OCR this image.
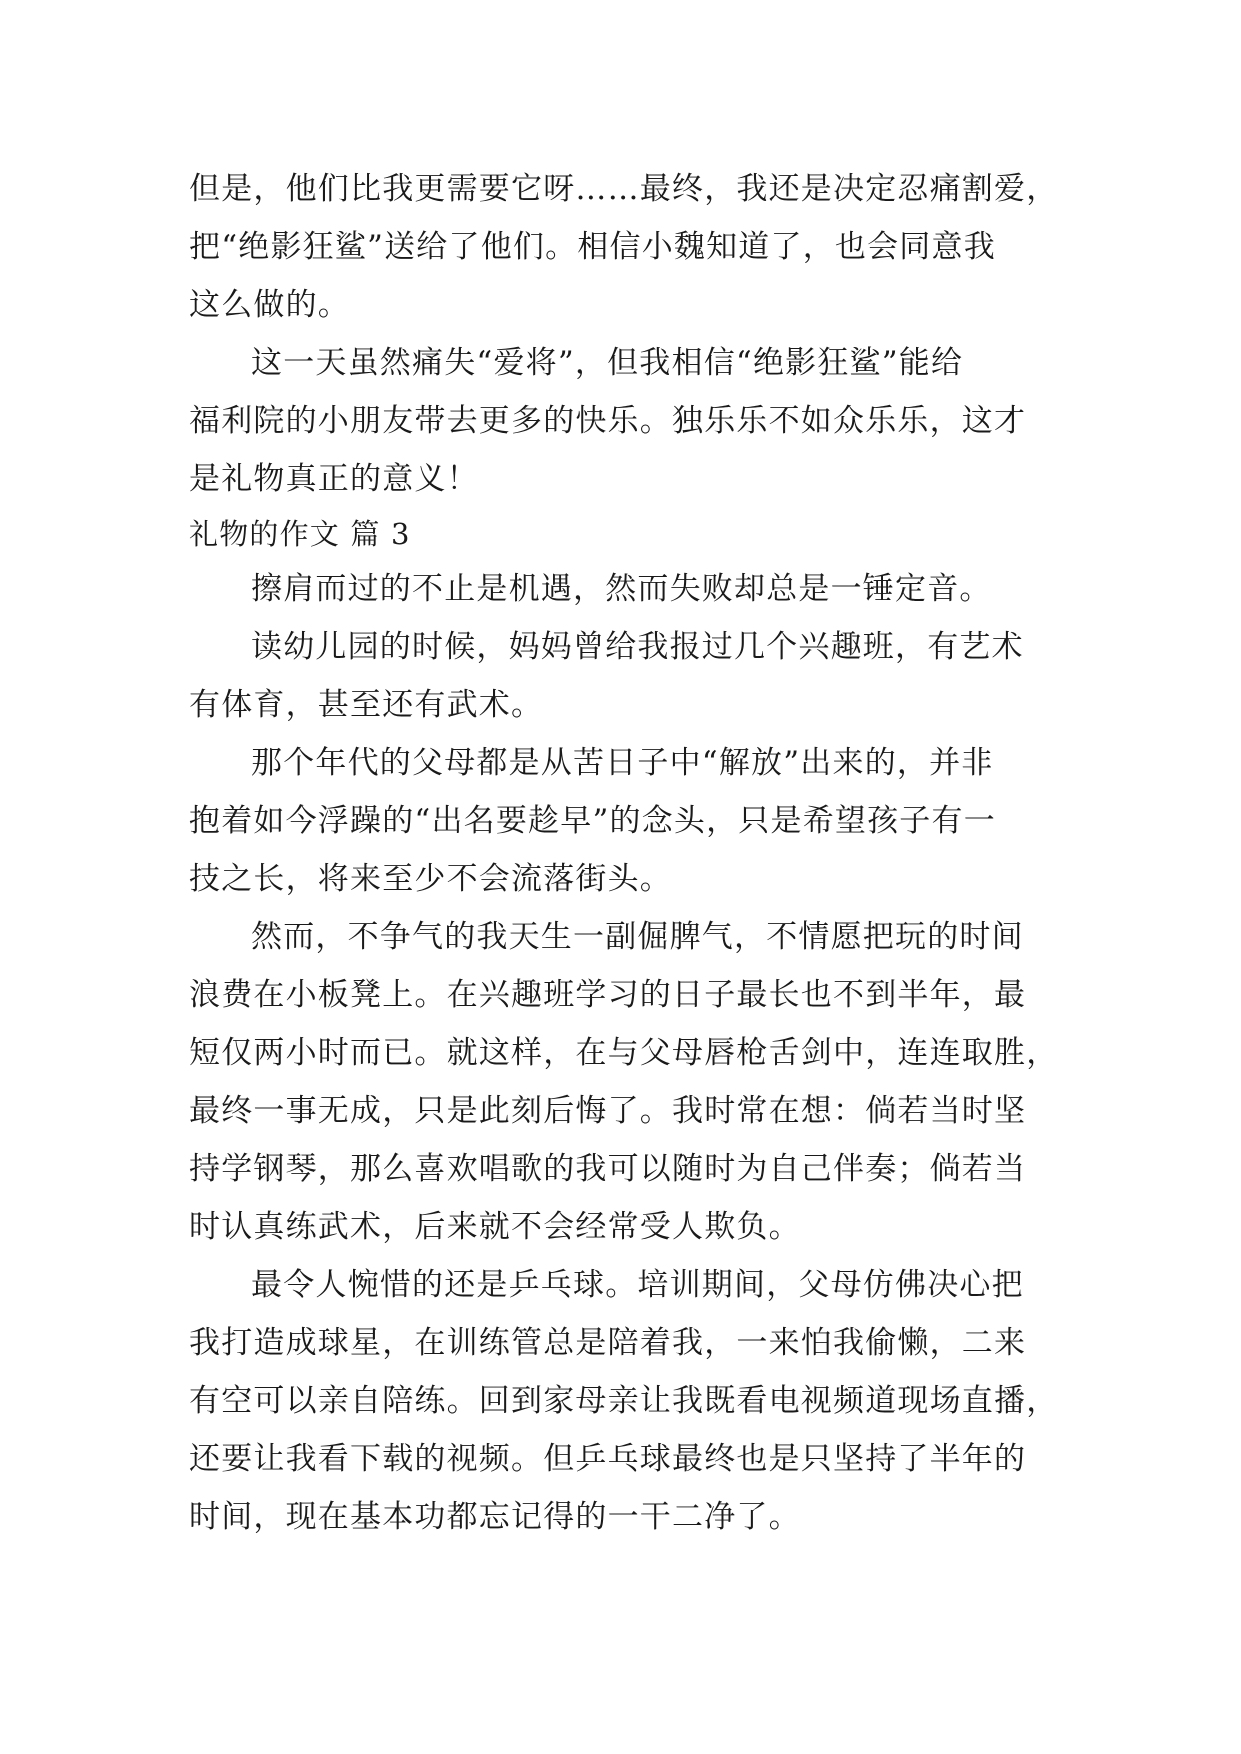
但是，他们比我更需要它呀……最终，我还是决定忍痛割爱，
把“绝影狂鲨”送给了他们。相信小魏知道了，也会同意我
这么做的。

这一天虽然痛失“爱将”，但我相信“绝影狂鲨”能给
福利院的小朋友带去更多的快乐。独乐乐不如众乐乐，这才
是礼物真正的意义！

礼物的作文 篇 3

擦肩而过的不止是机遇，然而失败却总是一锤定音。

读幼儿园的时候，妈妈曾给我报过几个兴趣班，有艺术
有体育，甚至还有武术。

那个年代的父母都是从苦日子中“解放”出来的，并非
抱着如今浮躁的“出名要趁早”的念头，只是希望孩子有一
技之长，将来至少不会流落街头。

然而，不争气的我天生一副倔脾气，不情愿把玩的时间
浪费在小板凳上。在兴趣班学习的日子最长也不到半年，最
短仅两小时而已。就这样，在与父母唇枪舌剑中，连连取胜，
最终一事无成，只是此刻后悔了。我时常在想：倘若当时坚
持学钢琴，那么喜欢唱歌的我可以随时为自己伴奏；倘若当
时认真练武术，后来就不会经常受人欺负。

最令人惋惜的还是乒乓球。培训期间，父母仿佛决心把
我打造成球星，在训练管总是陪着我，一来怕我偷懒，二来
有空可以亲自陪练。回到家母亲让我既看电视频道现场直播，
还要让我看下载的视频。但乒乓球最终也是只坚持了半年的
时间，现在基本功都忘记得的一干二净了。
